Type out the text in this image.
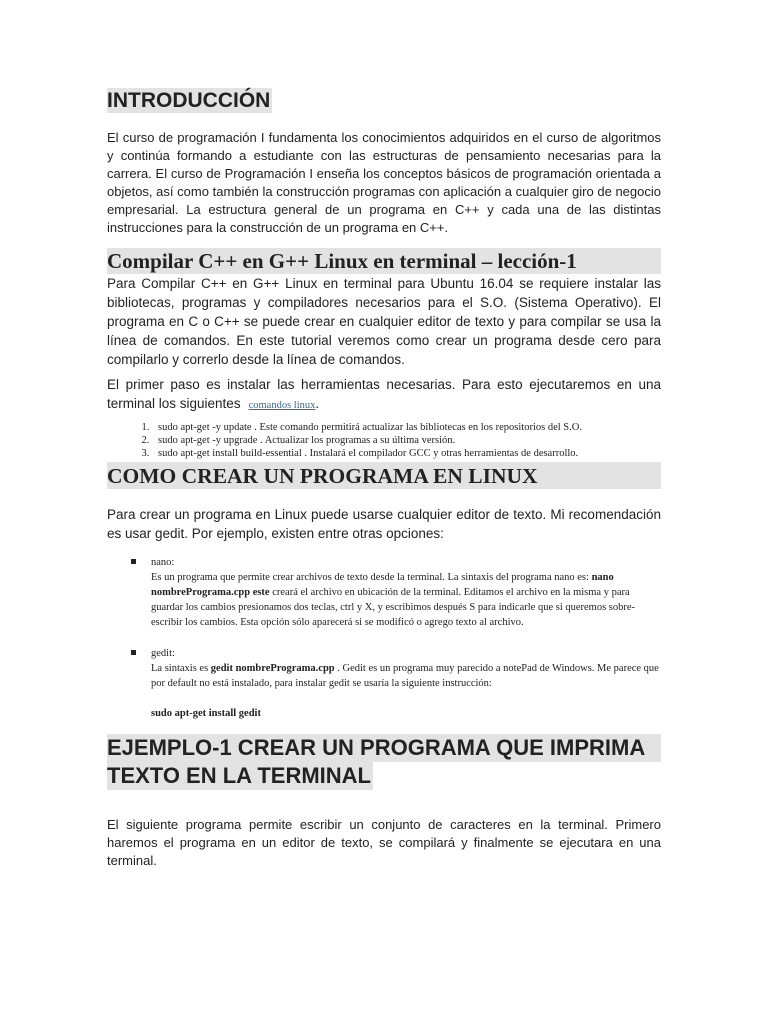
INTRODUCCIÓN

El curso de programación I fundamenta los conocimientos adquiridos en el curso de algoritmos y continúa formando a estudiante con las estructuras de pensamiento necesarias para la carrera. El curso de Programación I enseña los conceptos básicos de programación orientada a objetos, así como también la construcción programas con aplicación a cualquier giro de negocio empresarial. La estructura general de un programa en C++ y cada una de las distintas instrucciones para la construcción de un programa en C++.

Compilar C++ en G++ Linux en terminal – lección-1

Para Compilar C++ en G++ Linux en terminal para Ubuntu 16.04 se requiere instalar las bibliotecas, programas y compiladores necesarios para el S.O. (Sistema Operativo). El programa en C o C++ se puede crear en cualquier editor de texto y para compilar se usa la línea de comandos. En este tutorial veremos como crear un programa desde cero para compilarlo y correrlo desde la línea de comandos.

El primer paso es instalar las herramientas necesarias. Para esto ejecutaremos en una terminal los siguientes comandos linux.

1. sudo apt-get -y update . Este comando permitirá actualizar las bibliotecas en los repositorios del S.O.
2. sudo apt-get -y upgrade . Actualizar los programas a su última versión.
3. sudo apt-get install build-essential . Instalará el compilador GCC y otras herramientas de desarrollo.
COMO CREAR UN PROGRAMA EN LINUX

Para crear un programa en Linux puede usarse cualquier editor de texto. Mi recomendación es usar gedit. Por ejemplo, existen entre otras opciones:

nano:
Es un programa que permite crear archivos de texto desde la terminal. La sintaxis del programa nano es: nano nombrePrograma.cpp este creará el archivo en ubicación de la terminal. Editamos el archivo en la misma y para guardar los cambios presionamos dos teclas, ctrl y X, y escribimos después S para indicarle que si queremos sobre-escribir los cambios. Esta opción sólo aparecerá si se modificó o agrego texto al archivo.
gedit:
La sintaxis es gedit nombrePrograma.cpp . Gedit es un programa muy parecido a notePad de Windows. Me parece que por default no está instalado, para instalar gedit se usaría la siguiente instrucción:
sudo apt-get install gedit
EJEMPLO-1 CREAR UN PROGRAMA QUE IMPRIMA
TEXTO EN LA TERMINAL

El siguiente programa permite escribir un conjunto de caracteres en la terminal. Primero haremos el programa en un editor de texto, se compilará y finalmente se ejecutara en una terminal.
